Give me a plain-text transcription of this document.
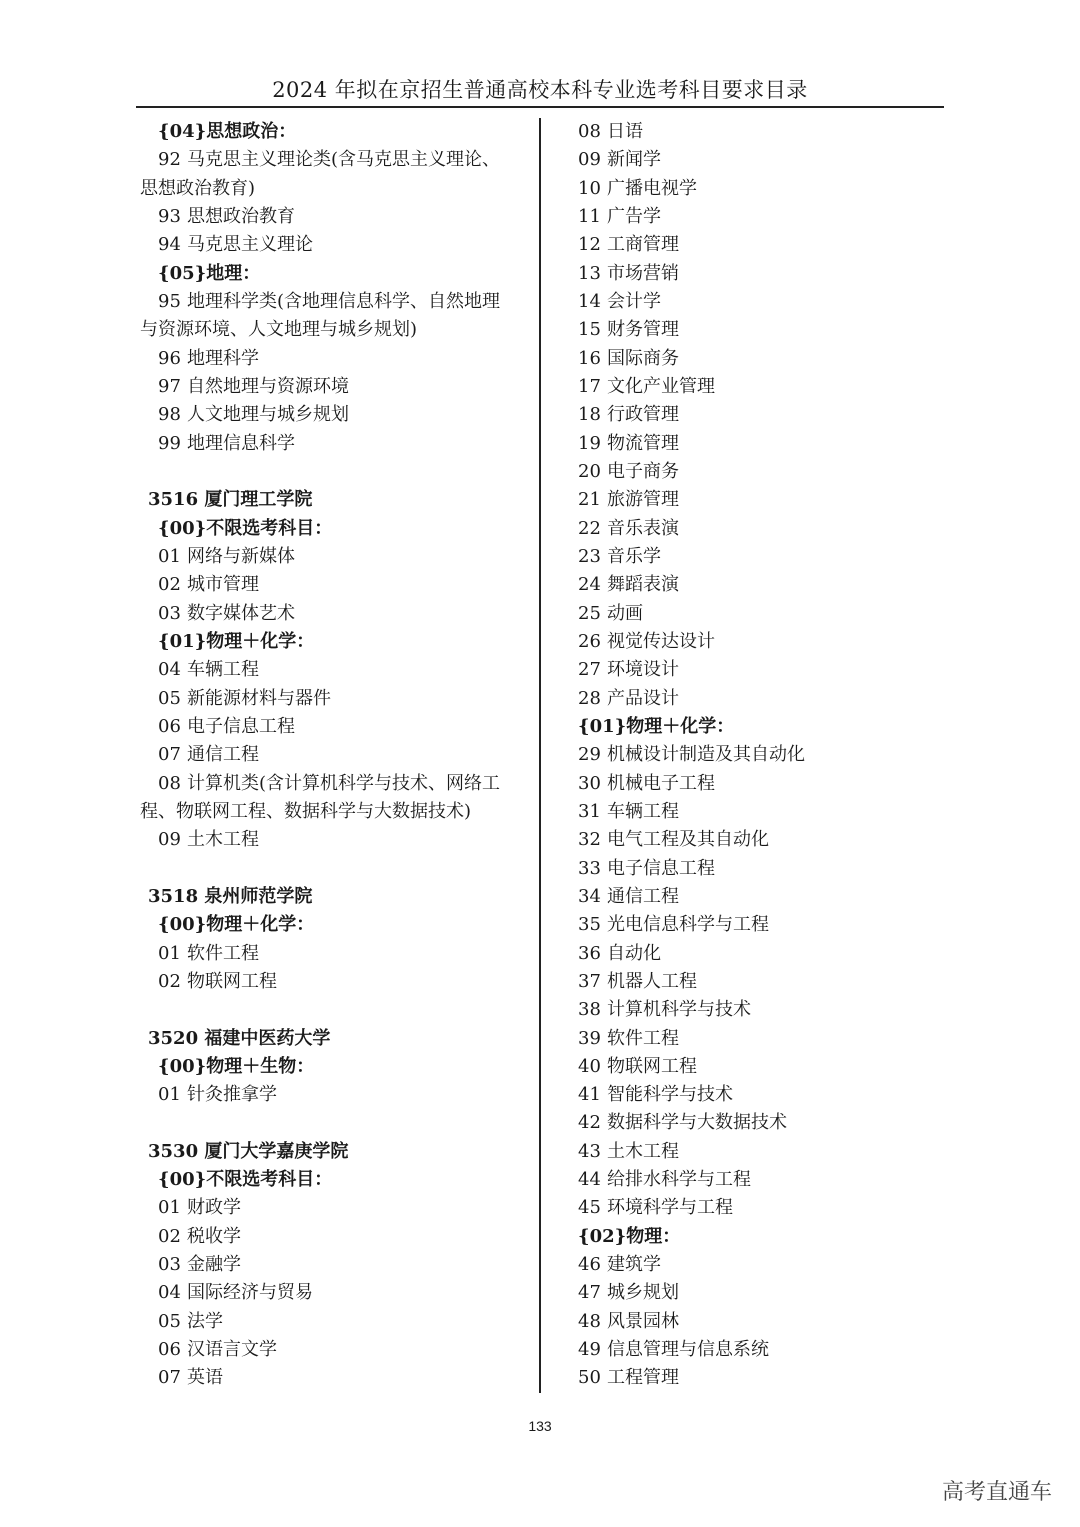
2024 年拟在京招生普通高校本科专业选考科目要求目录
{04}思想政治：
92 马克思主义理论类(含马克思主义理论、
思想政治教育)
93 思想政治教育
94 马克思主义理论
{05}地理：
95 地理科学类(含地理信息科学、自然地理
与资源环境、人文地理与城乡规划)
96 地理科学
97 自然地理与资源环境
98 人文地理与城乡规划
99 地理信息科学
3516 厦门理工学院
{00}不限选考科目：
01 网络与新媒体
02 城市管理
03 数字媒体艺术
{01}物理＋化学：
04 车辆工程
05 新能源材料与器件
06 电子信息工程
07 通信工程
08 计算机类(含计算机科学与技术、网络工
程、物联网工程、数据科学与大数据技术)
09 土木工程
3518 泉州师范学院
{00}物理＋化学：
01 软件工程
02 物联网工程
3520 福建中医药大学
{00}物理＋生物：
01 针灸推拿学
3530 厦门大学嘉庚学院
{00}不限选考科目：
01 财政学
02 税收学
03 金融学
04 国际经济与贸易
05 法学
06 汉语言文学
07 英语
08 日语
09 新闻学
10 广播电视学
11 广告学
12 工商管理
13 市场营销
14 会计学
15 财务管理
16 国际商务
17 文化产业管理
18 行政管理
19 物流管理
20 电子商务
21 旅游管理
22 音乐表演
23 音乐学
24 舞蹈表演
25 动画
26 视觉传达设计
27 环境设计
28 产品设计
{01}物理＋化学：
29 机械设计制造及其自动化
30 机械电子工程
31 车辆工程
32 电气工程及其自动化
33 电子信息工程
34 通信工程
35 光电信息科学与工程
36 自动化
37 机器人工程
38 计算机科学与技术
39 软件工程
40 物联网工程
41 智能科学与技术
42 数据科学与大数据技术
43 土木工程
44 给排水科学与工程
45 环境科学与工程
{02}物理：
46 建筑学
47 城乡规划
48 风景园林
49 信息管理与信息系统
50 工程管理
133
高考直通车
